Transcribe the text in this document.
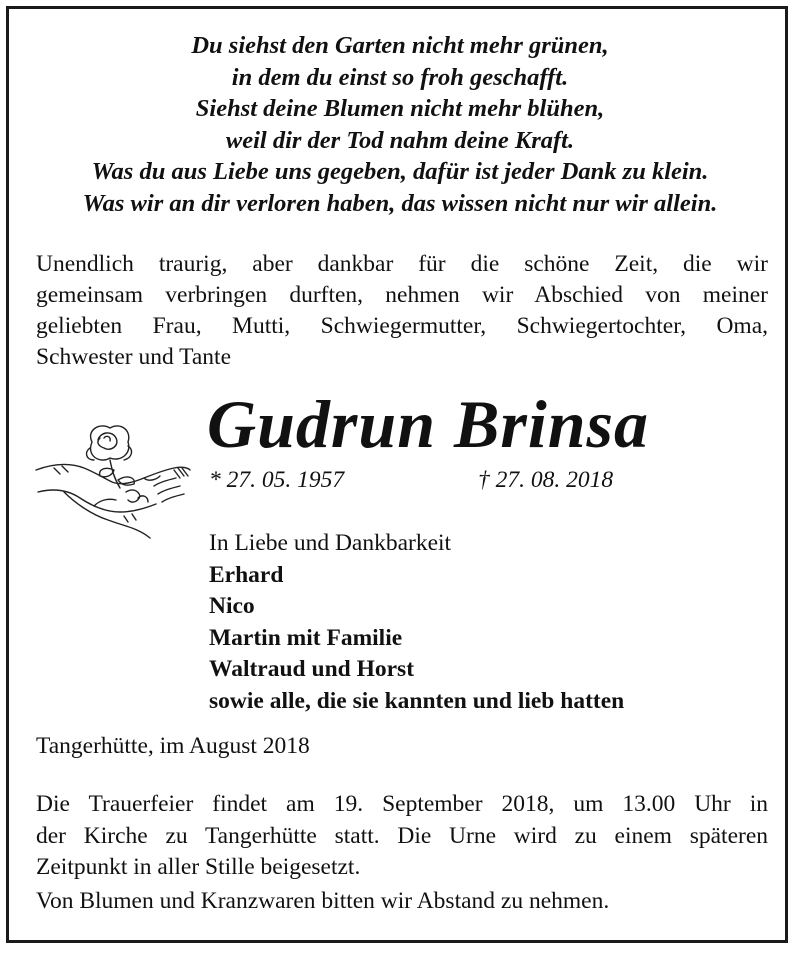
Du siehst den Garten nicht mehr grünen,
in dem du einst so froh geschafft.
Siehst deine Blumen nicht mehr blühen,
weil dir der Tod nahm deine Kraft.
Was du aus Liebe uns gegeben, dafür ist jeder Dank zu klein.
Was wir an dir verloren haben, das wissen nicht nur wir allein.
Unendlich traurig, aber dankbar für die schöne Zeit, die wir
gemeinsam verbringen durften, nehmen wir Abschied von meiner
geliebten Frau, Mutti, Schwiegermutter, Schwiegertochter, Oma,
Schwester und Tante
Gudrun Brinsa
* 27. 05. 1957	† 27. 08. 2018
In Liebe und Dankbarkeit
Erhard
Nico
Martin mit Familie
Waltraud und Horst
sowie alle, die sie kannten und lieb hatten
Tangerhütte, im August 2018
Die Trauerfeier findet am 19. September 2018, um 13.00 Uhr in
der Kirche zu Tangerhütte statt. Die Urne wird zu einem späteren
Zeitpunkt in aller Stille beigesetzt.
Von Blumen und Kranzwaren bitten wir Abstand zu nehmen.
